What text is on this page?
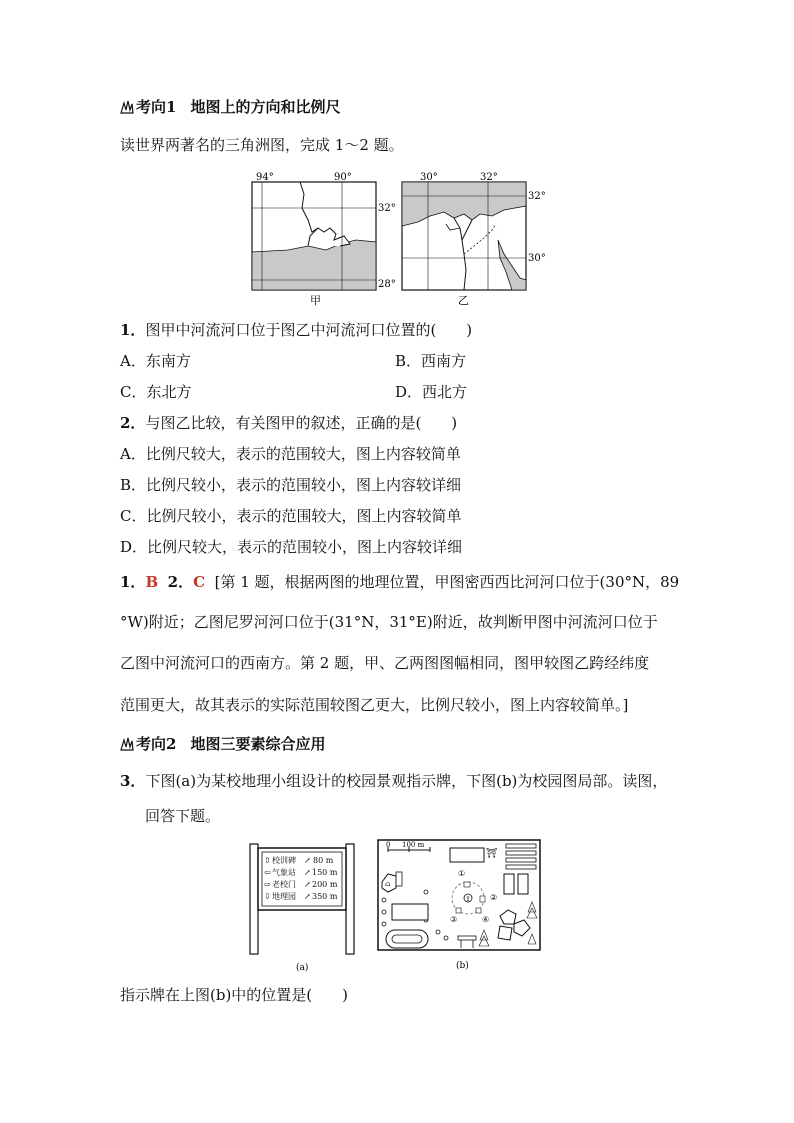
考向1 地图上的方向和比例尺
读世界两著名的三角洲图，完成 1～2 题。
94°	90°
32°
28°
甲
30°	32°
32°
30°
乙
1．图甲中河流河口位于图乙中河流河口位置的(　　)
A．东南方	B．西南方
C．东北方	D．西北方
2．与图乙比较，有关图甲的叙述，正确的是(　　)
A．比例尺较大，表示的范围较大，图上内容较简单
B．比例尺较小，表示的范围较小，图上内容较详细
C．比例尺较小，表示的范围较大，图上内容较简单
D．比例尺较大，表示的范围较小，图上内容较详细
1．B 2．C [第 1 题，根据两图的地理位置，甲图密西西比河河口位于(30°N，89
°W)附近；乙图尼罗河河口位于(31°N，31°E)附近，故判断甲图中河流河口位于
乙图中河流河口的西南方。第 2 题，甲、乙两图图幅相同，图甲较图乙跨经纬度
范围更大，故其表示的实际范围较图乙更大，比例尺较小，图上内容较简单。]
考向2 地图三要素综合应用
3．下图(a)为某校地理小组设计的校园景观指示牌，下图(b)为校园图局部。读图，
回答下题。
⇧ 校训碑 ↗ 80 m
⇦ 气象站 ↗ 150 m
⇨ 老校门 ↗ 200 m
⇩ 地理园 ↗ 350 m
(a)
0 100 m
⛩
⌂
⇧
①
②
③	④
(b)
指示牌在上图(b)中的位置是(　　)
